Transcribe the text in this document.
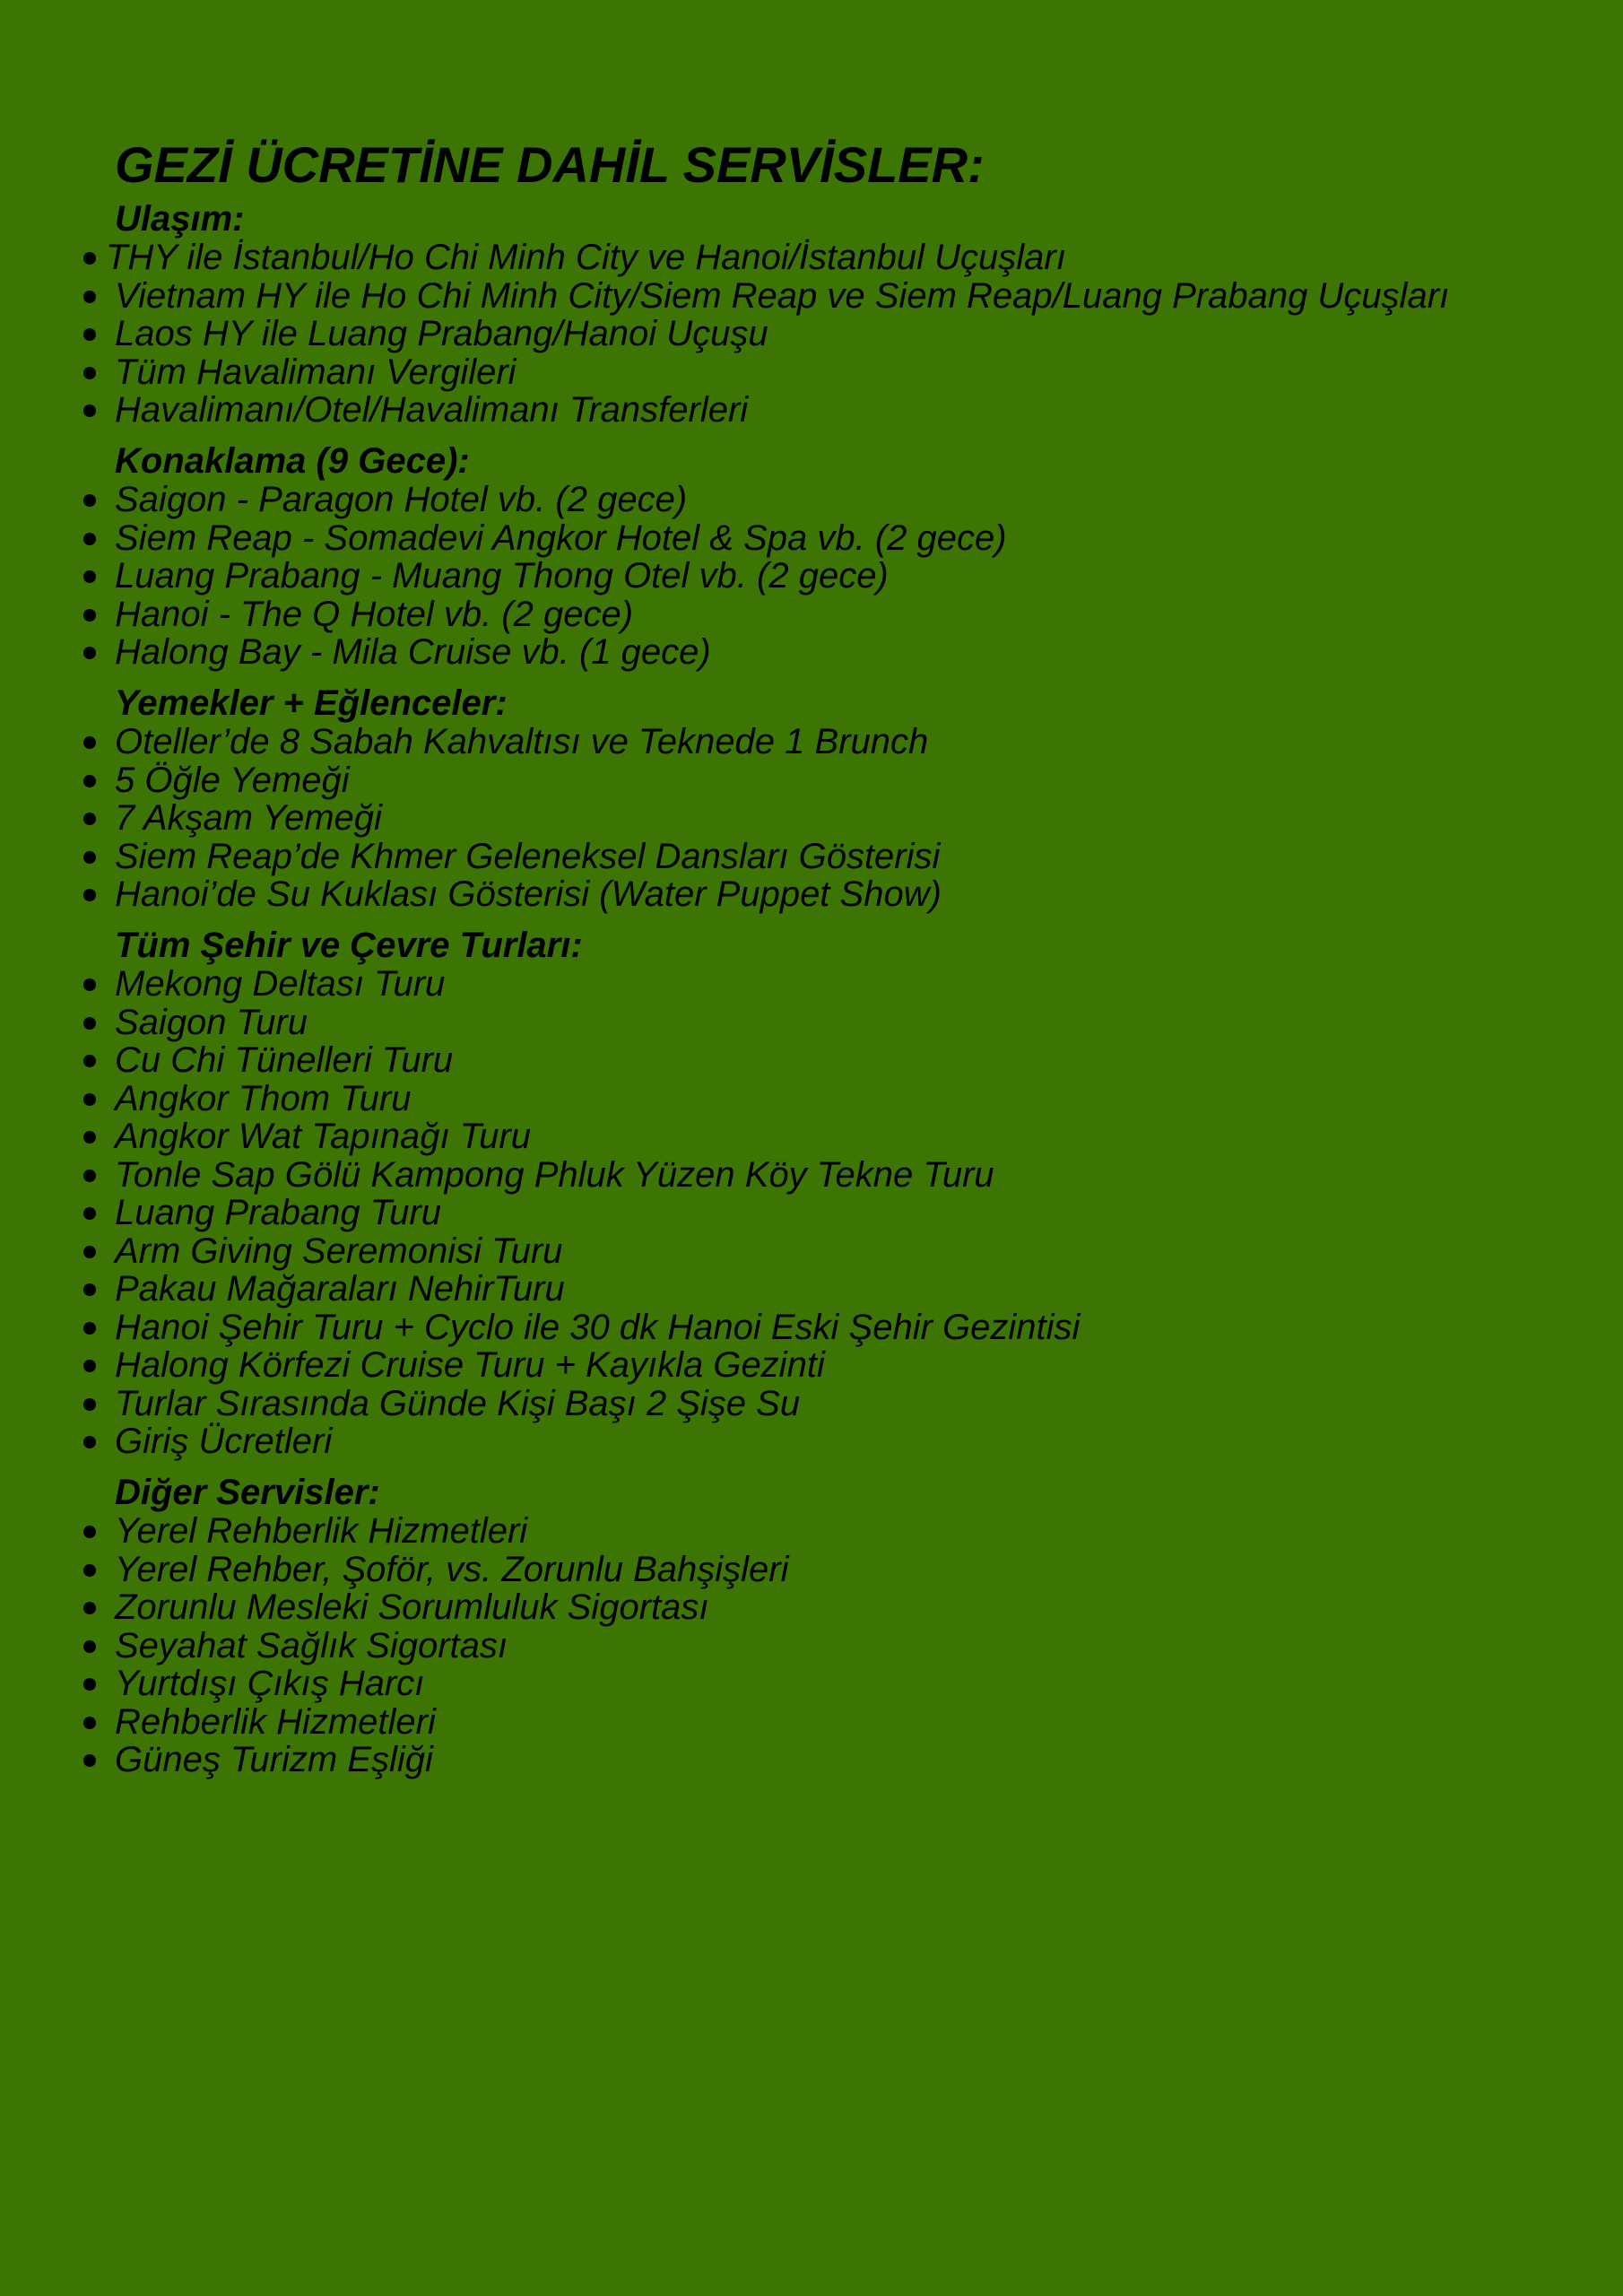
GEZİ ÜCRETİNE DAHİL SERVİSLER:
Ulaşım:
THY ile İstanbul/Ho Chi Minh City ve Hanoi/İstanbul Uçuşları
Vietnam HY ile Ho Chi Minh City/Siem Reap ve Siem Reap/Luang Prabang Uçuşları
Laos HY ile Luang Prabang/Hanoi Uçuşu
Tüm Havalimanı Vergileri
Havalimanı/Otel/Havalimanı Transferleri
Konaklama (9 Gece):
Saigon - Paragon Hotel vb. (2 gece)
Siem Reap - Somadevi Angkor Hotel & Spa vb. (2 gece)
Luang Prabang - Muang Thong Otel vb. (2 gece)
Hanoi - The Q Hotel vb. (2 gece)
Halong Bay - Mila Cruise vb. (1 gece)
Yemekler + Eğlenceler:
Oteller’de 8 Sabah Kahvaltısı ve Teknede 1 Brunch
5 Öğle Yemeği
7 Akşam Yemeği
Siem Reap’de Khmer Geleneksel Dansları Gösterisi
Hanoi’de Su Kuklası Gösterisi (Water Puppet Show)
Tüm Şehir ve Çevre Turları:
Mekong Deltası Turu
Saigon Turu
Cu Chi Tünelleri Turu
Angkor Thom Turu
Angkor Wat Tapınağı Turu
Tonle Sap Gölü Kampong Phluk Yüzen Köy Tekne Turu
Luang Prabang Turu
Arm Giving Seremonisi Turu
Pakau Mağaraları NehirTuru
Hanoi Şehir Turu + Cyclo ile 30 dk Hanoi Eski Şehir Gezintisi
Halong Körfezi Cruise Turu + Kayıkla Gezinti
Turlar Sırasında Günde Kişi Başı 2 Şişe Su
Giriş Ücretleri
Diğer Servisler:
Yerel Rehberlik Hizmetleri
Yerel Rehber, Şoför, vs. Zorunlu Bahşişleri
Zorunlu Mesleki Sorumluluk Sigortası
Seyahat Sağlık Sigortası
Yurtdışı Çıkış Harcı
Rehberlik Hizmetleri
Güneş Turizm Eşliği
